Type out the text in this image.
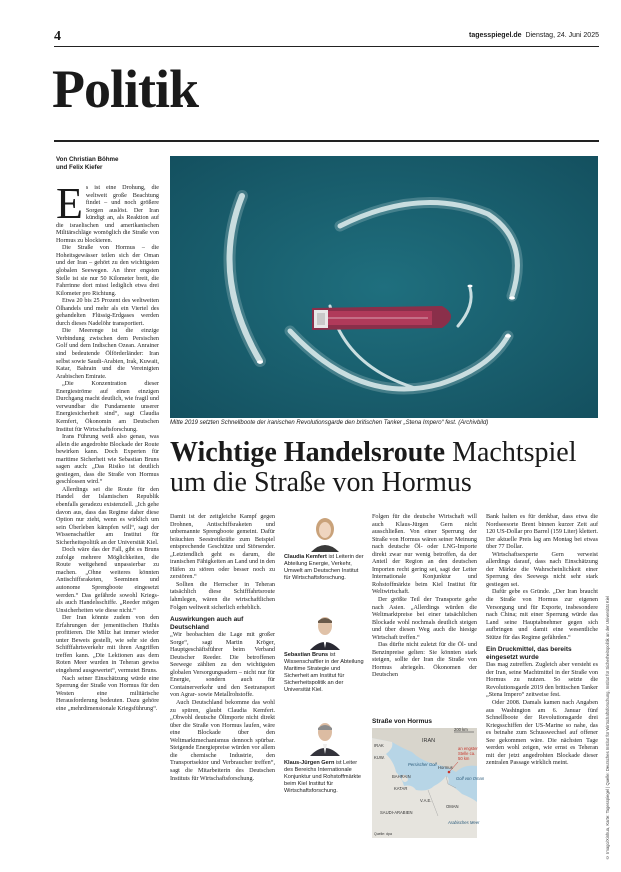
4	tagesspiegel.de Dienstag, 24. Juni 2025
Politik
Von Christian Böhme
und Felix Kiefer

Es ist eine Drohung, die weltweit große Beachtung findet – und noch größere Sorgen auslöst. Der Iran kündigt an, als Reaktion auf die israelischen und amerikanischen Militärschläge womöglich die Straße von Hormus zu blockieren.

Die Straße von Hormus – die Hoheitsgewässer teilen sich der Oman und der Iran – gehört zu den wichtigsten globalen Seewegen. An ihrer engsten Stelle ist sie nur 50 Kilometer breit, die Fahrrinne dort misst lediglich etwa drei Kilometer pro Richtung.

Etwa 20 bis 25 Prozent des weltweiten Ölhandels und mehr als ein Viertel des gehandelten Flüssig-Erdgases werden durch dieses Nadelöhr transportiert.

Die Meerenge ist die einzige Verbindung zwischen dem Persischen Golf und dem Indischen Ozean. Anrainer sind bedeutende Ölförderländer: Iran selbst sowie Saudi-Arabien, Irak, Kuwait, Katar, Bahrain und die Vereinigten Arabischen Emirate.

„Die Konzentration dieser Energieströme auf einen einzigen Durchgang macht deutlich, wie fragil und verwundbar die Fundamente unserer Energiesicherheit sind“, sagt Claudia Kemfert, Ökonomin am Deutschen Institut für Wirtschaftsforschung.

Irans Führung weiß also genau, was allein die angedrohte Blockade der Route bewirken kann. Doch Experten für maritime Sicherheit wie Sebastian Bruns sagen auch: „Das Risiko ist deutlich gestiegen, dass die Straße von Hormus geschlossen wird.“

Allerdings sei die Route für den Handel der Islamischen Republik ebenfalls geradezu existenziell. „Ich gehe davon aus, dass das Regime daher diese Option nur zieht, wenn es wirklich um sein Überleben kämpfen will“, sagt der Wissenschaftler am Institut für Sicherheitspolitik an der Universität Kiel.

Doch wäre das der Fall, gibt es Bruns zufolge mehrere Möglichkeiten, die Route weitgehend unpassierbar zu machen. „Ohne weiteres könnten Antischiffsraketen, Seeminen und autonome Sprengboote eingesetzt werden.“ Das gefährde sowohl Kriegs- als auch Handelsschiffe. „Reeder mögen Unsicherheiten wie diese nicht.“

Der Iran könnte zudem von den Erfahrungen der jemenitischen Huthis profitieren. Die Miliz hat immer wieder unter Beweis gestellt, wie sehr sie den Schifffahrtsverkehr mit ihren Angriffen treffen kann. „Die Lektionen aus dem Roten Meer wurden in Teheran gewiss eingehend ausgewertet“, vermutet Bruns.

Nach seiner Einschätzung würde eine Sperrung der Straße von Hormus für den Westen eine militärische Herausforderung bedeuten. Dazu gehöre eine „mehrdimensionale Kriegsführung“.

Mitte 2019 setzten Schnellboote der iranischen Revolutionsgarde den britischen Tanker „Stena Impero“ fest. (Archivbild)
© Imago/Xinhua, Karte: Tagesspiegel | Quelle: Deutsches Institut für Wirtschaftsforschung, Institut für Sicherheitspolitik an der Universität Kiel
Wichtige Handelsroute Machtspiel um die Straße von Hormus

Damit ist der zeitgleiche Kampf gegen Drohnen, Antischiffsraketen und unbemannte Sprengboote gemeint. Dafür bräuchten Seestreitkräfte zum Beispiel entsprechende Geschütze und Störsender. „Letztendlich geht es darum, die iranischen Fähigkeiten an Land und in den Häfen zu stören oder besser noch zu zerstören.“

Sollten die Herrscher in Teheran tatsächlich diese Schifffahrtsroute lahmlegen, wären die wirtschaftlichen Folgen weltweit sicherlich erheblich.

Auswirkungen auch auf Deutschland

„Wir beobachten die Lage mit großer Sorge“, sagt Martin Kröger, Hauptgeschäftsführer beim Verband Deutscher Reeder. Die betroffenen Seewege zählten zu den wichtigsten globalen Versorgungsadern – nicht nur für Energie, sondern auch für Containerverkehr und den Seetransport von Agrar- sowie Metallrohstoffe.

Auch Deutschland bekomme das wohl zu spüren, glaubt Claudia Kemfert. „Obwohl deutsche Ölimporte nicht direkt über die Straße von Hormus laufen, wäre eine Blockade über den Weltmarktmechanismus dennoch spürbar. Steigende Energiepreise würden vor allem die chemische Industrie, den Transportsektor und Verbraucher treffen“, sagt die Mitarbeiterin des Deutschen Instituts für Wirtschaftsforschung.

Claudia Kemfert ist Leiterin der Abteilung Energie, Verkehr, Umwelt am Deutschen Institut für Wirtschaftsforschung.
Sebastian Bruns ist Wissenschaftler in der Abteilung Maritime Strategie und Sicherheit am Institut für Sicherheitspolitik an der Universität Kiel.
Klaus-Jürgen Gern ist Leiter des Bereichs Internationale Konjunktur und Rohstoffmärkte beim Kiel Institut für Wirtschaftsforschung.

Folgen für die deutsche Wirtschaft will auch Klaus-Jürgen Gern nicht ausschließen. Von einer Sperrung der Straße von Hormus wären seiner Meinung nach deutsche Öl- oder LNG-Importe direkt zwar nur wenig betroffen, da der Anteil der Region an den deutschen Importen recht gering sei, sagt der Leiter Internationale Konjunktur und Rohstoffmärkte beim Kiel Institut für Weltwirtschaft.

Der größte Teil der Transporte gehe nach Asien. „Allerdings würden die Weltmarktpreise bei einer tatsächlichen Blockade wohl nochmals deutlich steigen und über diesen Weg auch die hiesige Wirtschaft treffen.“

Das dürfte nicht zuletzt für die Öl- und Benzinpreise gelten: Sie könnten stark steigen, sollte der Iran die Straße von Hormus abriegeln. Ökonomen der Deutschen

Straße von Hormus
200 km
IRAN
IRAK
KUW.
Persischer Golf
Hormus
an engster
Stelle ca.
50 km
Golf von Oman
BAHRAIN
KATAR
V.A.E.
SAUDI-ARABIEN
OMAN
Arabisches Meer
Quelle: dpa

Bank halten es für denkbar, dass etwa die Nordseesorte Brent binnen kurzer Zeit auf 120 US-Dollar pro Barrel (159 Liter) klettert. Der aktuelle Preis lag am Montag bei etwas über 77 Dollar.

Wirtschaftsexperte Gern verweist allerdings darauf, dass nach Einschätzung der Märkte die Wahrscheinlichkeit einer Sperrung des Seewegs nicht sehr stark gestiegen sei.

Dafür gebe es Gründe. „Der Iran braucht die Straße von Hormus zur eigenen Versorgung und für Exporte, insbesondere nach China; mit einer Sperrung würde das Land seine Hauptabnehmer gegen sich aufbringen und damit eine wesentliche Stütze für das Regime gefährden.“

Ein Druckmittel, das bereits eingesetzt wurde

Das mag zutreffen. Zugleich aber versteht es der Iran, seine Machtmittel in der Straße von Hormus zu nutzen. So setzte die Revolutionsgarde 2019 den britischen Tanker „Stena Impero“ zeitweise fest.

Oder 2008. Damals kamen nach Angaben aus Washington am 6. Januar fünf Schnellboote der Revolutionsgarde drei Kriegsschiffen der US-Marine so nahe, das es beinahe zum Schusswechsel auf offener See gekommen wäre. Die nächsten Tage werden wohl zeigen, wie ernst es Teheran mit der jetzt angedrohten Blockade dieser zentralen Passage wirklich meint.
